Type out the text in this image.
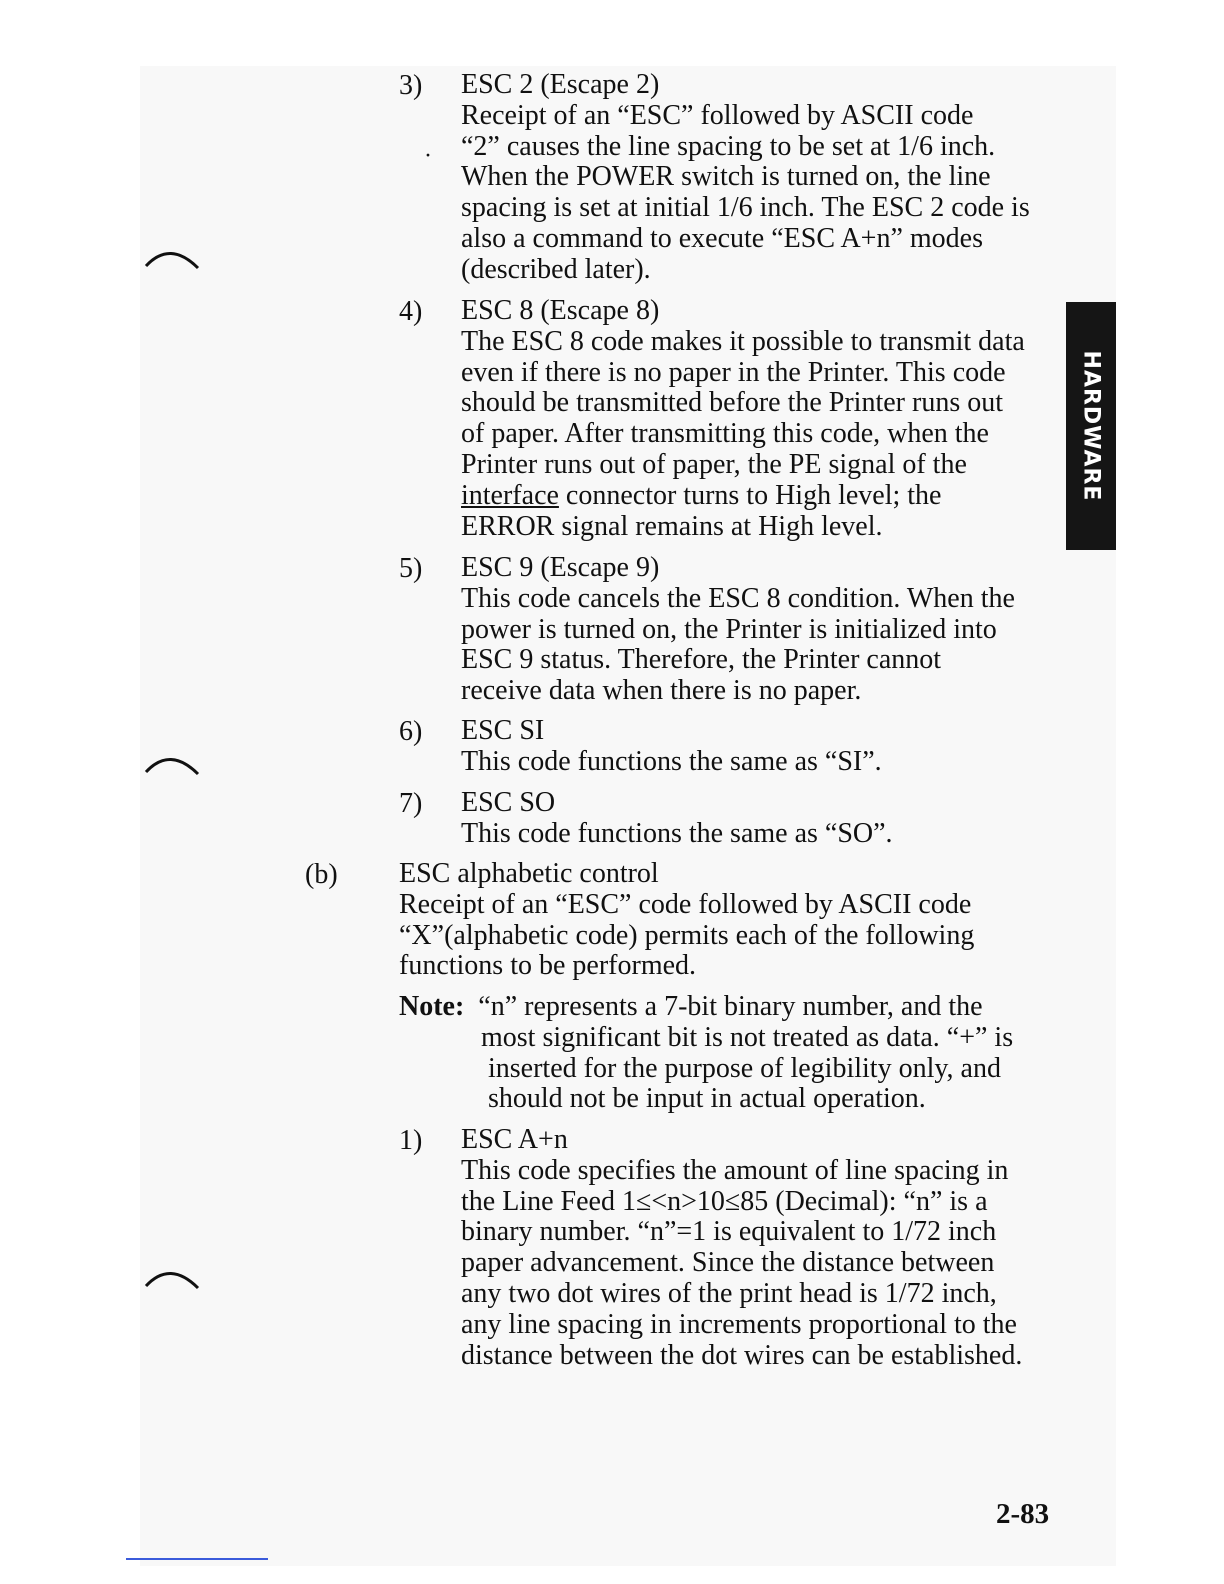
HARDWARE
·
3) ESC 2 (Escape 2)
Receipt of an “ESC” followed by ASCII code
“2” causes the line spacing to be set at 1/6 inch.
When the POWER switch is turned on, the line
spacing is set at initial 1/6 inch. The ESC 2 code is
also a command to execute “ESC A+n” modes
(described later).
4) ESC 8 (Escape 8)
The ESC 8 code makes it possible to transmit data
even if there is no paper in the Printer. This code
should be transmitted before the Printer runs out
of paper. After transmitting this code, when the
Printer runs out of paper, the PE signal of the
interface connector turns to High level; the
ERROR signal remains at High level.
5) ESC 9 (Escape 9)
This code cancels the ESC 8 condition. When the
power is turned on, the Printer is initialized into
ESC 9 status. Therefore, the Printer cannot
receive data when there is no paper.
6) ESC SI
This code functions the same as “SI”.
7) ESC SO
This code functions the same as “SO”.
(b) ESC alphabetic control
Receipt of an “ESC” code followed by ASCII code
“X”(alphabetic code) permits each of the following
functions to be performed.
Note: “n” represents a 7-bit binary number, and the
most significant bit is not treated as data. “+” is
inserted for the purpose of legibility only, and
should not be input in actual operation.
1) ESC A+n
This code specifies the amount of line spacing in
the Line Feed 1≤<n>10≤85 (Decimal): “n” is a
binary number. “n”=1 is equivalent to 1/72 inch
paper advancement. Since the distance between
any two dot wires of the print head is 1/72 inch,
any line spacing in increments proportional to the
distance between the dot wires can be established.
2-83
